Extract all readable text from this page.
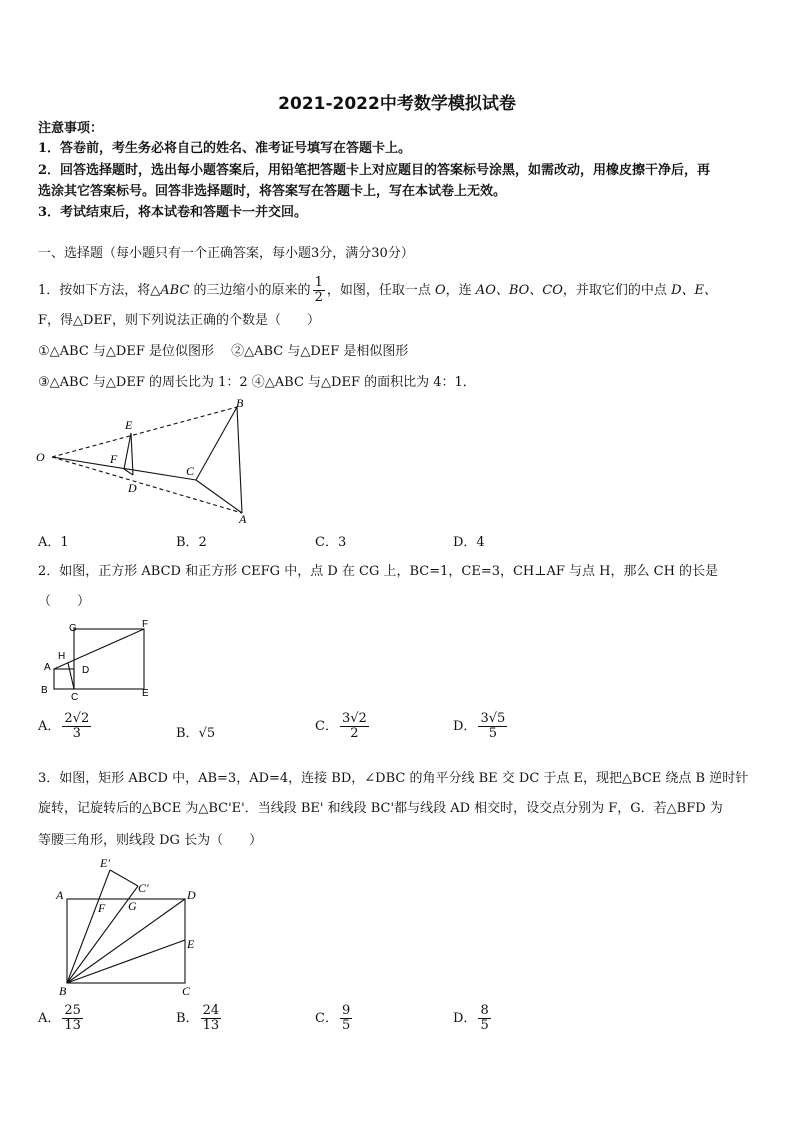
2021-2022中考数学模拟试卷
注意事项：
1．答卷前，考生务必将自己的姓名、准考证号填写在答题卡上。
2．回答选择题时，选出每小题答案后，用铅笔把答题卡上对应题目的答案标号涂黑，如需改动，用橡皮擦干净后，再
选涂其它答案标号。回答非选择题时，将答案写在答题卡上，写在本试卷上无效。
3．考试结束后，将本试卷和答题卡一并交回。
一、选择题（每小题只有一个正确答案，每小题3分，满分30分）
1．按如下方法，将△ABC 的三边缩小的原来的 $\frac{1}{2}$ ，如图，任取一点 O，连 AO、BO、CO，并取它们的中点 D、E、
F，得△DEF，则下列说法正确的个数是（　　）
①△ABC 与△DEF 是位似图形　 ②△ABC 与△DEF 是相似图形
③△ABC 与△DEF 的周长比为 1：2 ④△ABC 与△DEF 的面积比为 4：1．
O
E
F
D
C
B
A
A．1	B．2	C．3	D．4
2．如图，正方形 ABCD 和正方形 CEFG 中，点 D 在 CG 上，BC=1，CE=3，CH⊥AF 与点 H，那么 CH 的长是
（　　）
G	F
H
A	D
B
C	E
A． $\frac{2√2}{3}$	B．√5	C． $\frac{3√2}{2}$	D． $\frac{3√5}{5}$
3．如图，矩形 ABCD 中，AB=3，AD=4，连接 BD，∠DBC 的角平分线 BE 交 DC 于点 E，现把△BCE 绕点 B 逆时针
旋转，记旋转后的△BCE 为△BC'E'．当线段 BE' 和线段 BC'都与线段 AD 相交时，设交点分别为 F，G．若△BFD 为
等腰三角形，则线段 DG 长为（　　）
E'
C'
A
F G
D
E
B	C
A． $\frac{25}{13}$	B． $\frac{24}{13}$	C． $\frac{9}{5}$	D． $\frac{8}{5}$
